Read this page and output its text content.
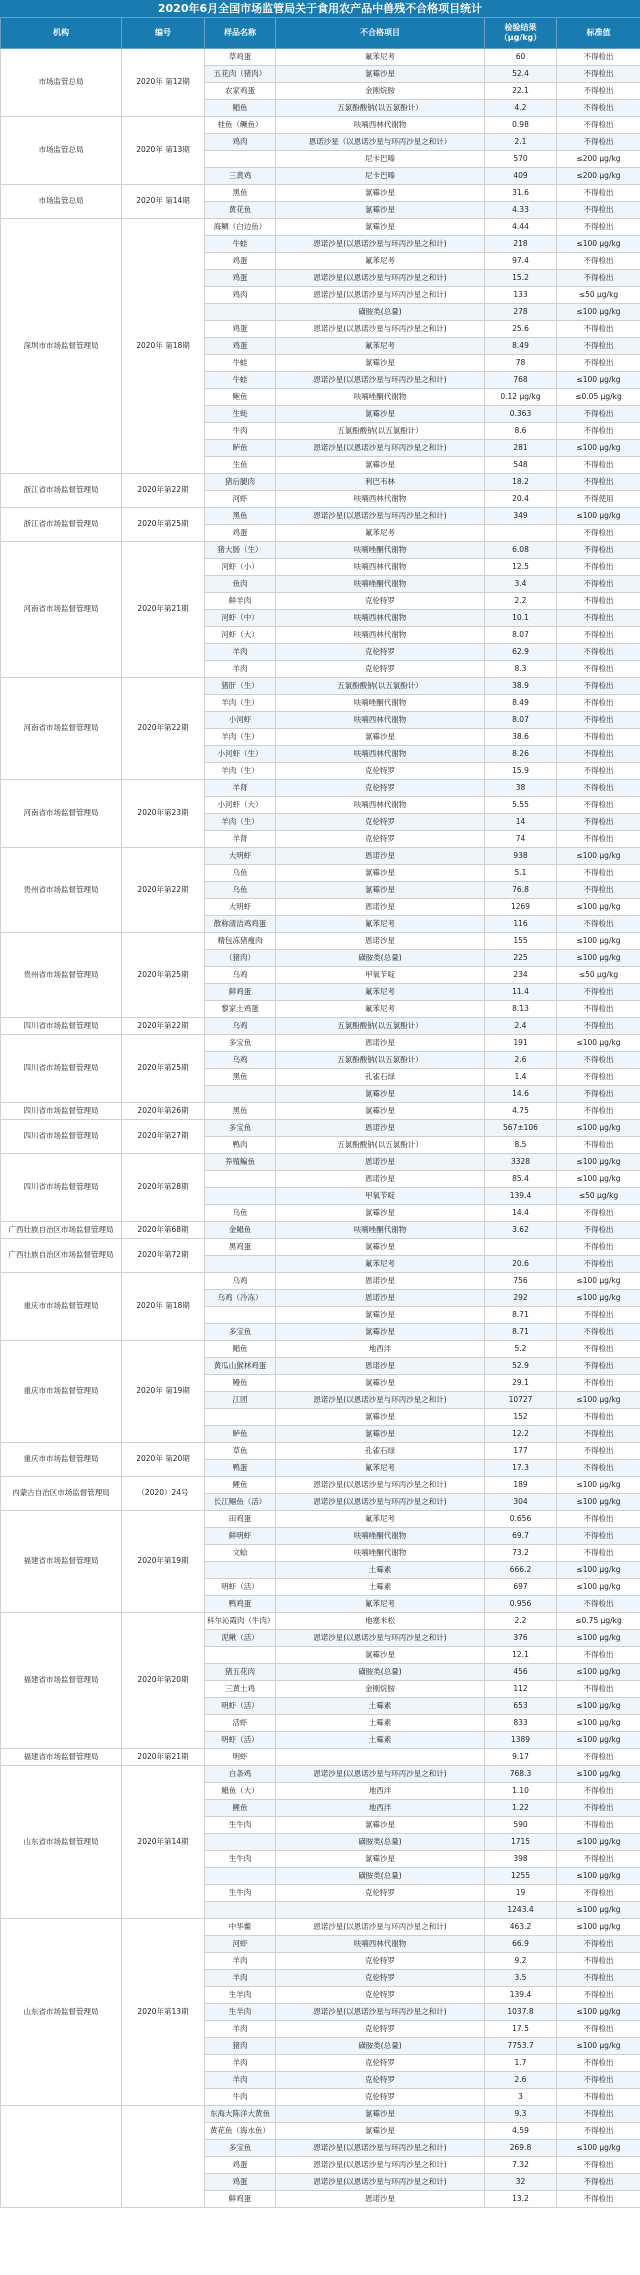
2020年6月全国市场监管局关于食用农产品中兽残不合格项目统计
机构	编号	样品名称	不合格项目	检验结果（μg/kg）	标准值
市场监管总局	2020年 第12期	草鸡蛋	氟苯尼考	60	不得检出
		五花肉（猪肉）	氯霉沙星	52.4	不得检出
		农家鸡蛋	金刚烷胺	22.1	不得检出
		鲳鱼	五氯酚酸钠(以五氯酚计）	4.2	不得检出
市场监管总局	2020年 第13期	桂鱼（鳜鱼）	呋喃西林代谢物	0.98	不得检出
		鸡肉	恩诺沙星（以恩诺沙星与环丙沙星之和计）	2.1	不得检出
			尼卡巴嗪	570	≤200 μg/kg
		三黄鸡	尼卡巴嗪	409	≤200 μg/kg
市场监管总局	2020年 第14期	黑鱼	氯霉沙星	31.6	不得检出
		黄花鱼	氯霉沙星	4.33	不得检出
深圳市市场监督管理局	2020年 第18期	海鲷（白边鱼）	氯霉沙星	4.44	不得检出
		牛蛙	恩诺沙星(以恩诺沙星与环丙沙星之和计)	218	≤100 μg/kg
		鸡蛋	氟苯尼考	97.4	不得检出
		鸡蛋	恩诺沙星(以恩诺沙星与环丙沙星之和计)	15.2	不得检出
		鸡肉	恩诺沙星(以恩诺沙星与环丙沙星之和计)	133	≤50 μg/kg
			磺胺类(总量)	278	≤100 μg/kg
		鸡蛋	恩诺沙星(以恩诺沙星与环丙沙星之和计)	25.6	不得检出
		鸡蛋	氟苯尼考	8.49	不得检出
		牛蛙	氯霉沙星	78	不得检出
		牛蛙	恩诺沙星(以恩诺沙星与环丙沙星之和计)	768	≤100 μg/kg
		鲍鱼	呋喃唑酮代谢物	0.12 μg/kg	≤0.05 μg/kg
		生蚝	氯霉沙星	0.363	不得检出
		牛肉	五氯酚酸钠(以五氯酚计）	8.6	不得检出
		鲈鱼	恩诺沙星(以恩诺沙星与环丙沙星之和计)	281	≤100 μg/kg
		生鱼	氯霉沙星	548	不得检出
浙江省市场监督管理局	2020年第22期	猪后腿肉	利巴韦林	18.2	不得检出
		河虾	呋喃西林代谢物	20.4	不得使用
浙江省市场监督管理局	2020年第25期	黑鱼	恩诺沙星(以恩诺沙星与环丙沙星之和计)	349	≤100 μg/kg
		鸡蛋	氟苯尼考		不得检出
河南省市场监督管理局	2020年第21期	猪大肠（生）	呋喃唑酮代谢物	6.08	不得检出
		河虾（小）	呋喃西林代谢物	12.5	不得检出
		鱼肉	呋喃唑酮代谢物	3.4	不得检出
		鲜羊肉	克伦特罗	2.2	不得检出
		河虾（中）	呋喃西林代谢物	10.1	不得检出
		河虾（大）	呋喃西林代谢物	8.07	不得检出
		羊肉	克伦特罗	62.9	不得检出
		羊肉	克伦特罗	8.3	不得检出
河南省市场监督管理局	2020年第22期	猪肝（生）	五氯酚酸钠(以五氯酚计）	38.9	不得检出
		羊肉（生）	呋喃唑酮代谢物	8.49	不得检出
		小河虾	呋喃西林代谢物	8.07	不得检出
		羊肉（生）	氯霉沙星	38.6	不得检出
		小河虾（生）	呋喃西林代谢物	8.26	不得检出
		羊肉（生）	克伦特罗	15.9	不得检出
河南省市场监督管理局	2020年第23期	羊肾	克伦特罗	38	不得检出
		小河虾（大）	呋喃西林代谢物	5.55	不得检出
		羊肉（生）	克伦特罗	14	不得检出
		羊肾	克伦特罗	74	不得检出
贵州省市场监督管理局	2020年第22期	大明虾	恩诺沙星	938	≤100 μg/kg
		乌鱼	氯霉沙星	5.1	不得检出
		乌鱼	氯霉沙星	76.8	不得检出
		大明虾	恩诺沙星	1269	≤100 μg/kg
		散称清洁鸡鸡蛋	氟苯尼考	116	不得检出
贵州省市场监督管理局	2020年第25期	精包冻猪瘦肉	恩诺沙星	155	≤100 μg/kg
		（猪肉）	磺胺类(总量)	225	≤100 μg/kg
		乌鸡	甲氧苄啶	234	≤50 μg/kg
		鲜鸡蛋	氟苯尼考	11.4	不得检出
		黎家土鸡蛋	氟苯尼考	8.13	不得检出
四川省市场监督管理局	2020年第22期	乌鸡	五氯酚酸钠(以五氯酚计）	2.4	不得检出
四川省市场监督管理局	2020年第25期	多宝鱼	恩诺沙星	191	≤100 μg/kg
		乌鸡	五氯酚酸钠(以五氯酚计）	2.6	不得检出
		黑鱼	孔雀石绿	1.4	不得检出
			氯霉沙星	14.6	不得检出
四川省市场监督管理局	2020年第26期	黑鱼	氯霉沙星	4.75	不得检出
四川省市场监督管理局	2020年第27期	多宝鱼	恩诺沙星	567±106	≤100 μg/kg
		鸭肉	五氯酚酸钠(以五氯酚计）	8.5	不得检出
四川省市场监督管理局	2020年第28期	养殖鳊鱼	恩诺沙星	3328	≤100 μg/kg
			恩诺沙星	85.4	≤100 μg/kg
			甲氧苄啶	139.4	≤50 μg/kg
		乌鱼	氯霉沙星	14.4	不得检出
广西壮族自治区市场监督管理局	2020年第68期	金鲳鱼	呋喃唑酮代谢物	3.62	不得检出
广西壮族自治区市场监督管理局	2020年第72期	黑鸡蛋	氯霉沙星		不得检出
			氟苯尼考	20.6	不得检出
重庆市市场监督管理局	2020年 第18期	乌鸡	恩诺沙星	756	≤100 μg/kg
		乌鸡（冷冻）	恩诺沙星	292	≤100 μg/kg
			氯霉沙星	8.71	不得检出
		多宝鱼	氯霉沙星	8.71	不得检出
重庆市市场监督管理局	2020年 第19期	鲳鱼	地西泮	5.2	不得检出
		黄瓜山猴林鸡蛋	恩诺沙星	52.9	不得检出
		鳗鱼	氯霉沙星	29.1	不得检出
		江团	恩诺沙星(以恩诺沙星与环丙沙星之和计)	10727	≤100 μg/kg
			氯霉沙星	152	不得检出
		鲈鱼	氯霉沙星	12.2	不得检出
重庆市市场监督管理局	2020年 第20期	草鱼	孔雀石绿	177	不得检出
		鸭蛋	氟苯尼考	17.3	不得检出
内蒙古自治区市场监督管理局	（2020）24号	鲤鱼	恩诺沙星(以恩诺沙星与环丙沙星之和计)	189	≤100 μg/kg
		长江鲴鱼（活）	恩诺沙星(以恩诺沙星与环丙沙星之和计)	304	≤100 μg/kg
福建省市场监督管理局	2020年第19期	田鸡蛋	氟苯尼考	0.656	不得检出
		鲜明虾	呋喃唑酮代谢物	69.7	不得检出
		文蛤	呋喃唑酮代谢物	73.2	不得检出
			土霉素	666.2	≤100 μg/kg
		明虾（活）	土霉素	697	≤100 μg/kg
		鸭鸡蛋	氟苯尼考	0.956	不得检出
福建省市场监督管理局	2020年第20期	科尔沁霞肉（牛肉）	地塞米松	2.2	≤0.75 μg/kg
		泥鳅（活）	恩诺沙星(以恩诺沙星与环丙沙星之和计)	376	≤100 μg/kg
			氯霉沙星	12.1	不得检出
		猪五花肉	磺胺类(总量)	456	≤100 μg/kg
		三黄土鸡	金刚烷胺	112	不得检出
		明虾（活）	土霉素	653	≤100 μg/kg
		活虾	土霉素	833	≤100 μg/kg
		明虾（活）	土霉素	1389	≤100 μg/kg
福建省市场监督管理局	2020年第21期	明虾		9.17	不得检出
山东省市场监督管理局	2020年第14期	白条鸡	恩诺沙星(以恩诺沙星与环丙沙星之和计)	768.3	≤100 μg/kg
		鲳鱼（大）	地西泮	1.10	不得检出
		鲤鱼	地西泮	1.22	不得检出
		生牛肉	氯霉沙星	590	不得检出
			磺胺类(总量)	1715	≤100 μg/kg
		生牛肉	氯霉沙星	398	不得检出
			磺胺类(总量)	1255	≤100 μg/kg
		生牛肉	克伦特罗	19	不得检出
				1243.4	≤100 μg/kg
山东省市场监督管理局	2020年第13期	中华鳖	恩诺沙星(以恩诺沙星与环丙沙星之和计)	463.2	≤100 μg/kg
		河虾	呋喃西林代谢物	66.9	不得检出
		羊肉	克伦特罗	9.2	不得检出
		羊肉	克伦特罗	3.5	不得检出
		生羊肉	克伦特罗	139.4	不得检出
		生羊肉	恩诺沙星(以恩诺沙星与环丙沙星之和计)	1037.8	≤100 μg/kg
		羊肉	克伦特罗	17.5	不得检出
		猪肉	磺胺类(总量)	7753.7	≤100 μg/kg
		羊肉	克伦特罗	1.7	不得检出
		羊肉	克伦特罗	2.6	不得检出
		牛肉	克伦特罗	3	不得检出
		东海大陈洋大黄鱼	氯霉沙星	9.3	不得检出
		黄花鱼（海水鱼）	氯霉沙星	4.59	不得检出
		多宝鱼	恩诺沙星(以恩诺沙星与环丙沙星之和计)	269.8	≤100 μg/kg
		鸡蛋	恩诺沙星(以恩诺沙星与环丙沙星之和计)	7.32	不得检出
		鸡蛋	恩诺沙星(以恩诺沙星与环丙沙星之和计)	32	不得检出
		鲜鸡蛋	恩诺沙星	13.2	不得检出
